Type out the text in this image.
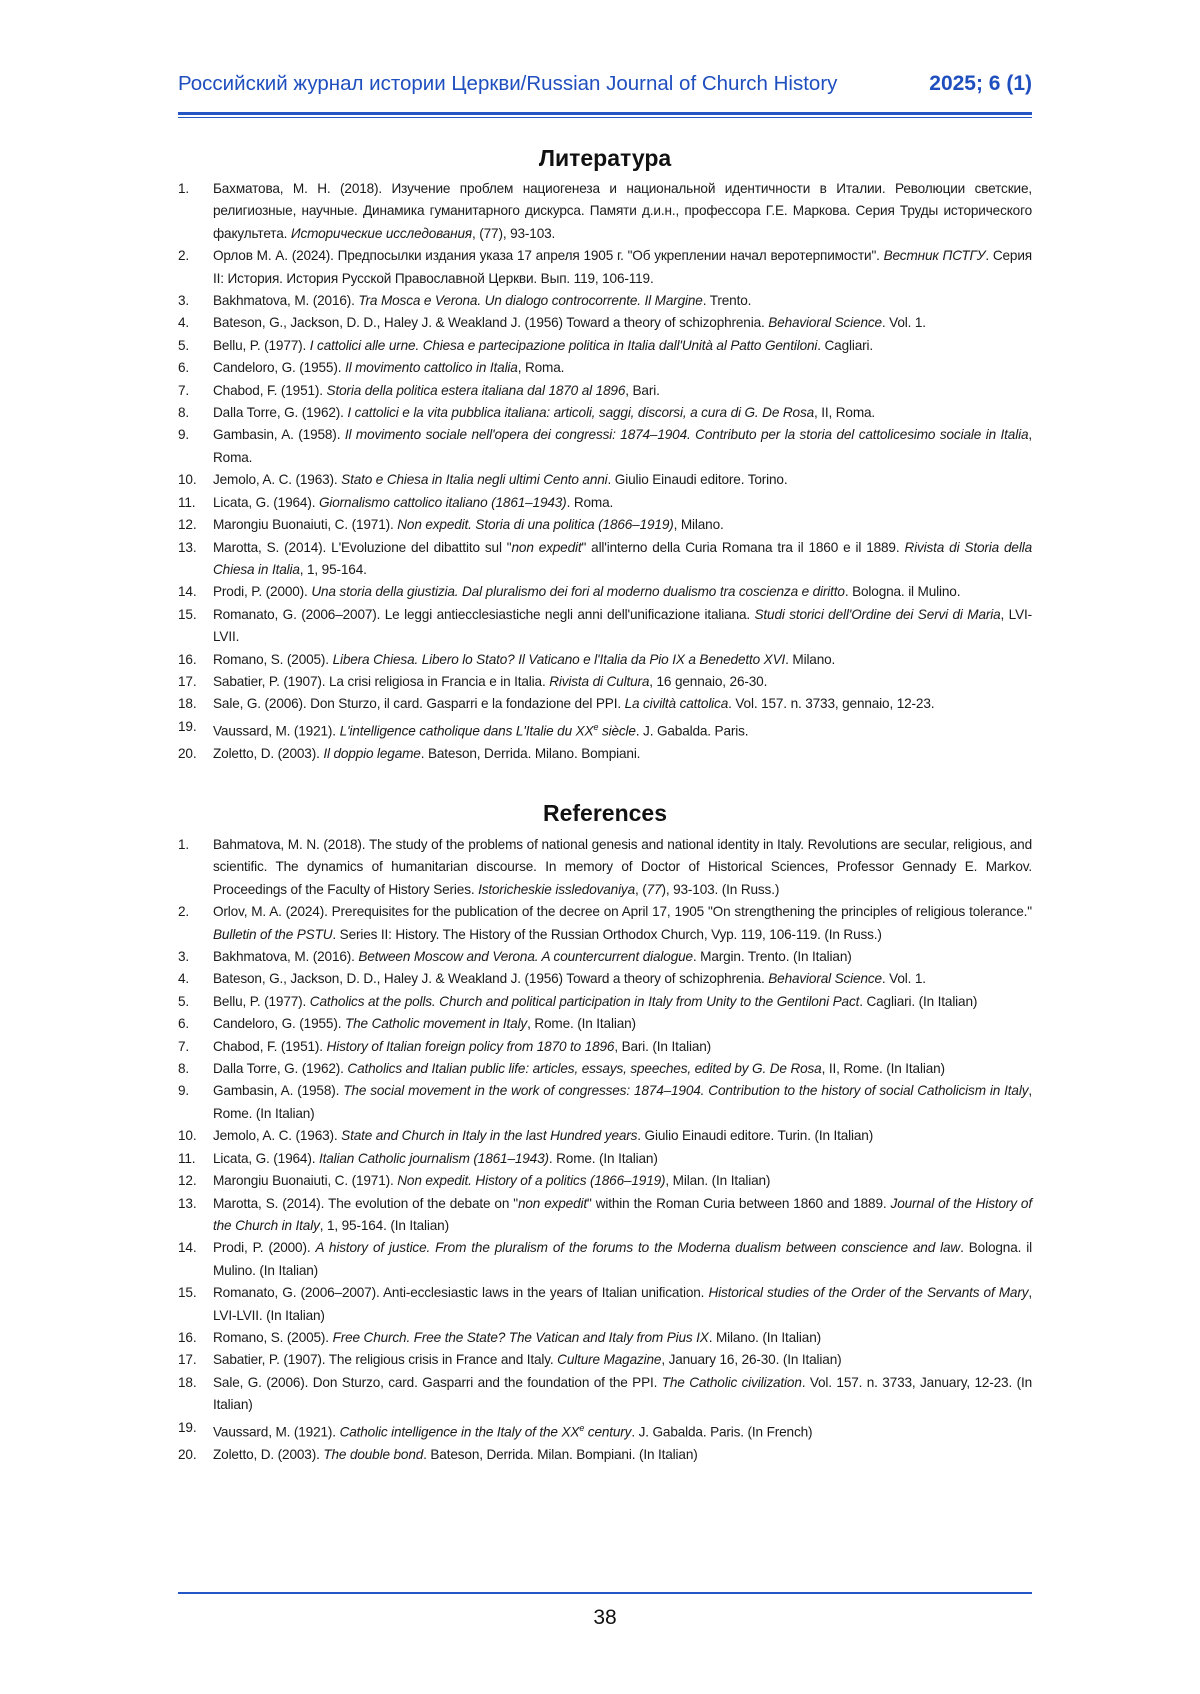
Российский журнал истории Церкви/Russian Journal of Church History	2025; 6 (1)
Литература
1. Бахматова, М. Н. (2018). Изучение проблем нациогенеза и национальной идентичности в Италии. Революции светские, религиозные, научные. Динамика гуманитарного дискурса. Памяти д.и.н., профессора Г.Е. Маркова. Серия Труды исторического факультета. Исторические исследования, (77), 93-103.
2. Орлов М. А. (2024). Предпосылки издания указа 17 апреля 1905 г. "Об укреплении начал веротерпимости". Вестник ПСТГУ. Серия II: История. История Русской Православной Церкви. Вып. 119, 106-119.
3. Bakhmatova, M. (2016). Tra Mosca e Verona. Un dialogo controcorrente. Il Margine. Trento.
4. Bateson, G., Jackson, D. D., Haley J. & Weakland J. (1956) Toward a theory of schizophrenia. Behavioral Science. Vol. 1.
5. Bellu, P. (1977). I cattolici alle urne. Chiesa e partecipazione politica in Italia dall'Unità al Patto Gentiloni. Cagliari.
6. Candeloro, G. (1955). Il movimento cattolico in Italia, Roma.
7. Chabod, F. (1951). Storia della politica estera italiana dal 1870 al 1896, Bari.
8. Dalla Torre, G. (1962). I cattolici e la vita pubblica italiana: articoli, saggi, discorsi, a cura di G. De Rosa, II, Roma.
9. Gambasin, A. (1958). Il movimento sociale nell'opera dei congressi: 1874–1904. Contributo per la storia del cattolicesimo sociale in Italia, Roma.
10. Jemolo, A. C. (1963). Stato e Chiesa in Italia negli ultimi Cento anni. Giulio Einaudi editore. Torino.
11. Licata, G. (1964). Giornalismo cattolico italiano (1861–1943). Roma.
12. Marongiu Buonaiuti, C. (1971). Non expedit. Storia di una politica (1866–1919), Milano.
13. Marotta, S. (2014). L'Evoluzione del dibattito sul "non expedit" all'interno della Curia Romana tra il 1860 e il 1889. Rivista di Storia della Chiesa in Italia, 1, 95-164.
14. Prodi, P. (2000). Una storia della giustizia. Dal pluralismo dei fori al moderno dualismo tra coscienza e diritto. Bologna. il Mulino.
15. Romanato, G. (2006–2007). Le leggi antiecclesiastiche negli anni dell'unificazione italiana. Studi storici dell'Ordine dei Servi di Maria, LVI-LVII.
16. Romano, S. (2005). Libera Chiesa. Libero lo Stato? Il Vaticano e l'Italia da Pio IX a Benedetto XVI. Milano.
17. Sabatier, P. (1907). La crisi religiosa in Francia e in Italia. Rivista di Cultura, 16 gennaio, 26-30.
18. Sale, G. (2006). Don Sturzo, il card. Gasparri e la fondazione del PPI. La civiltà cattolica. Vol. 157. n. 3733, gennaio, 12-23.
19. Vaussard, M. (1921). L'intelligence catholique dans L'Italie du XXe siècle. J. Gabalda. Paris.
20. Zoletto, D. (2003). Il doppio legame. Bateson, Derrida. Milano. Bompiani.
References
1. Bahmatova, M. N. (2018). The study of the problems of national genesis and national identity in Italy. Revolutions are secular, religious, and scientific. The dynamics of humanitarian discourse. In memory of Doctor of Historical Sciences, Professor Gennady E. Markov. Proceedings of the Faculty of History Series. Istoricheskie issledovaniya, (77), 93-103. (In Russ.)
2. Orlov, M. A. (2024). Prerequisites for the publication of the decree on April 17, 1905 "On strengthening the principles of religious tolerance." Bulletin of the PSTU. Series II: History. The History of the Russian Orthodox Church, Vyp. 119, 106-119. (In Russ.)
3. Bakhmatova, M. (2016). Between Moscow and Verona. A countercurrent dialogue. Margin. Trento. (In Italian)
4. Bateson, G., Jackson, D. D., Haley J. & Weakland J. (1956) Toward a theory of schizophrenia. Behavioral Science. Vol. 1.
5. Bellu, P. (1977). Catholics at the polls. Church and political participation in Italy from Unity to the Gentiloni Pact. Cagliari. (In Italian)
6. Candeloro, G. (1955). The Catholic movement in Italy, Rome. (In Italian)
7. Chabod, F. (1951). History of Italian foreign policy from 1870 to 1896, Bari. (In Italian)
8. Dalla Torre, G. (1962). Catholics and Italian public life: articles, essays, speeches, edited by G. De Rosa, II, Rome. (In Italian)
9. Gambasin, A. (1958). The social movement in the work of congresses: 1874–1904. Contribution to the history of social Catholicism in Italy, Rome. (In Italian)
10. Jemolo, A. C. (1963). State and Church in Italy in the last Hundred years. Giulio Einaudi editore. Turin. (In Italian)
11. Licata, G. (1964). Italian Catholic journalism (1861–1943). Rome. (In Italian)
12. Marongiu Buonaiuti, C. (1971). Non expedit. History of a politics (1866–1919), Milan. (In Italian)
13. Marotta, S. (2014). The evolution of the debate on "non expedit" within the Roman Curia between 1860 and 1889. Journal of the History of the Church in Italy, 1, 95-164. (In Italian)
14. Prodi, P. (2000). A history of justice. From the pluralism of the forums to the Moderna dualism between conscience and law. Bologna. il Mulino. (In Italian)
15. Romanato, G. (2006–2007). Anti-ecclesiastic laws in the years of Italian unification. Historical studies of the Order of the Servants of Mary, LVI-LVII. (In Italian)
16. Romano, S. (2005). Free Church. Free the State? The Vatican and Italy from Pius IX. Milano. (In Italian)
17. Sabatier, P. (1907). The religious crisis in France and Italy. Culture Magazine, January 16, 26-30. (In Italian)
18. Sale, G. (2006). Don Sturzo, card. Gasparri and the foundation of the PPI. The Catholic civilization. Vol. 157. n. 3733, January, 12-23. (In Italian)
19. Vaussard, M. (1921). Catholic intelligence in the Italy of the XXe century. J. Gabalda. Paris. (In French)
20. Zoletto, D. (2003). The double bond. Bateson, Derrida. Milan. Bompiani. (In Italian)
38
